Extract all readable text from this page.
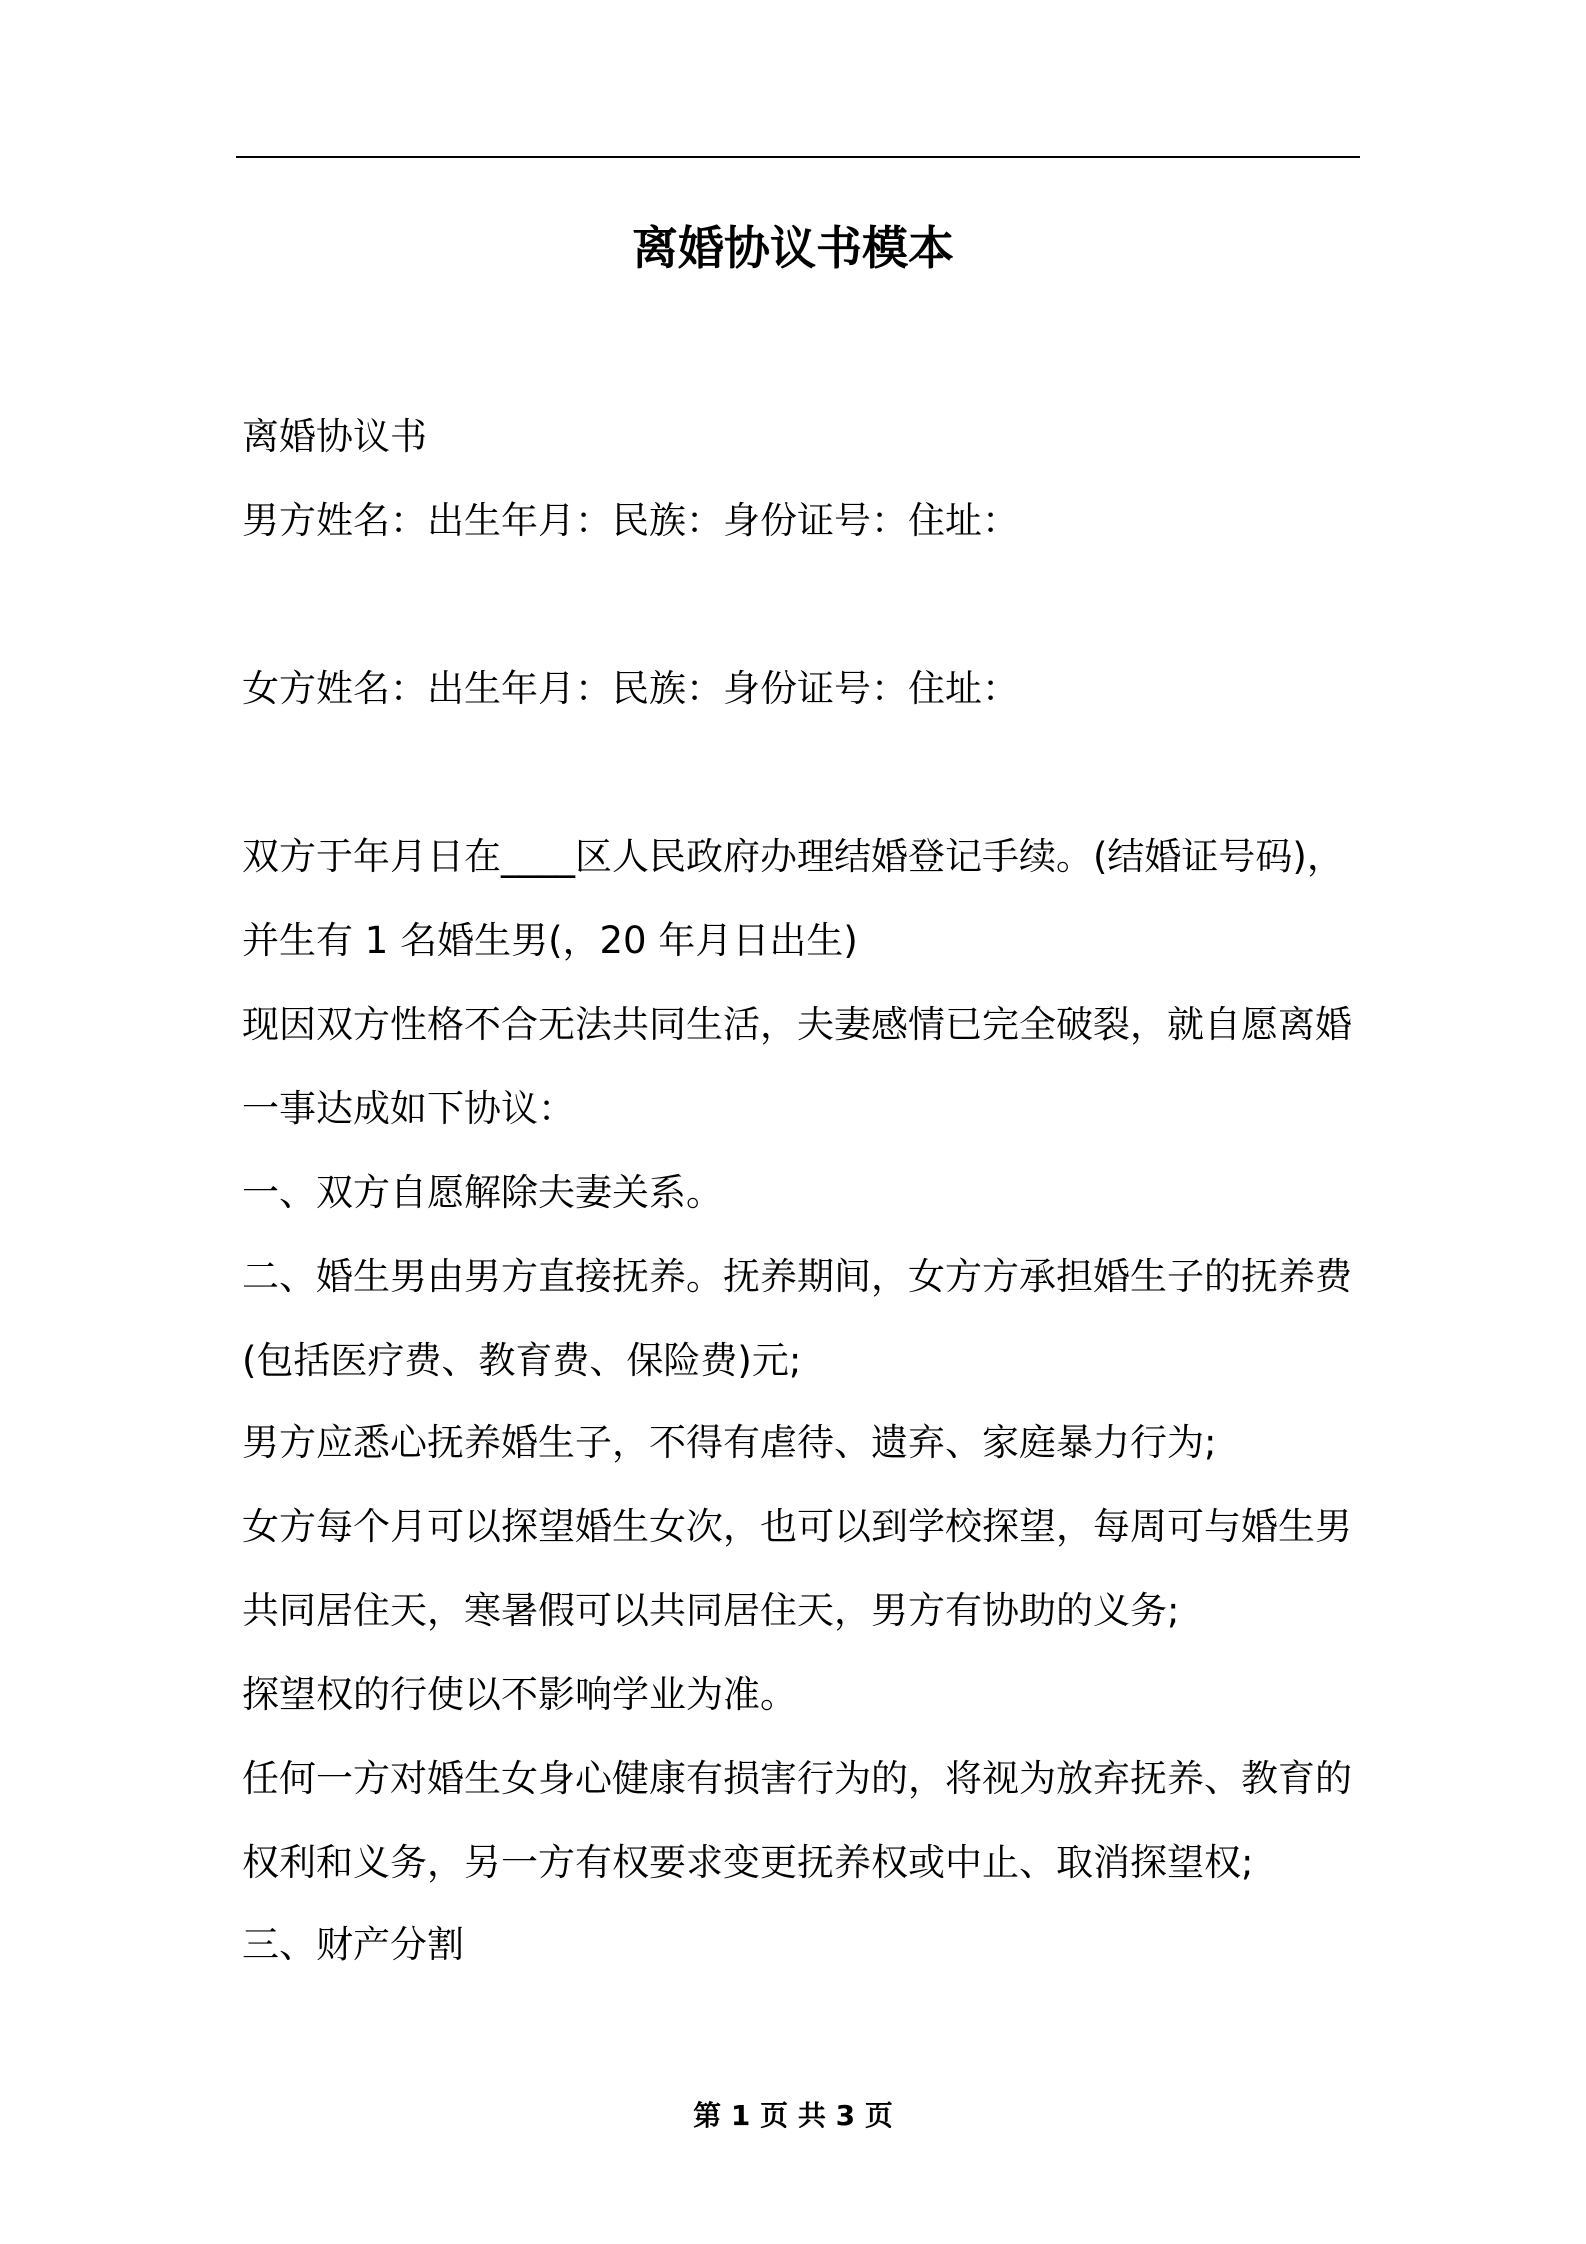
离婚协议书模本
离婚协议书
男方姓名：出生年月：民族：身份证号：住址：
女方姓名：出生年月：民族：身份证号：住址：
双方于年月日在____区人民政府办理结婚登记手续。(结婚证号码)，
并生有 1 名婚生男(，20 年月日出生)
现因双方性格不合无法共同生活，夫妻感情已完全破裂，就自愿离婚
一事达成如下协议：
一、双方自愿解除夫妻关系。
二、婚生男由男方直接抚养。抚养期间，女方方承担婚生子的抚养费
(包括医疗费、教育费、保险费)元;
男方应悉心抚养婚生子，不得有虐待、遗弃、家庭暴力行为;
女方每个月可以探望婚生女次，也可以到学校探望，每周可与婚生男
共同居住天，寒暑假可以共同居住天，男方有协助的义务;
探望权的行使以不影响学业为准。
任何一方对婚生女身心健康有损害行为的，将视为放弃抚养、教育的
权利和义务，另一方有权要求变更抚养权或中止、取消探望权;
三、财产分割
第 1 页 共 3 页
